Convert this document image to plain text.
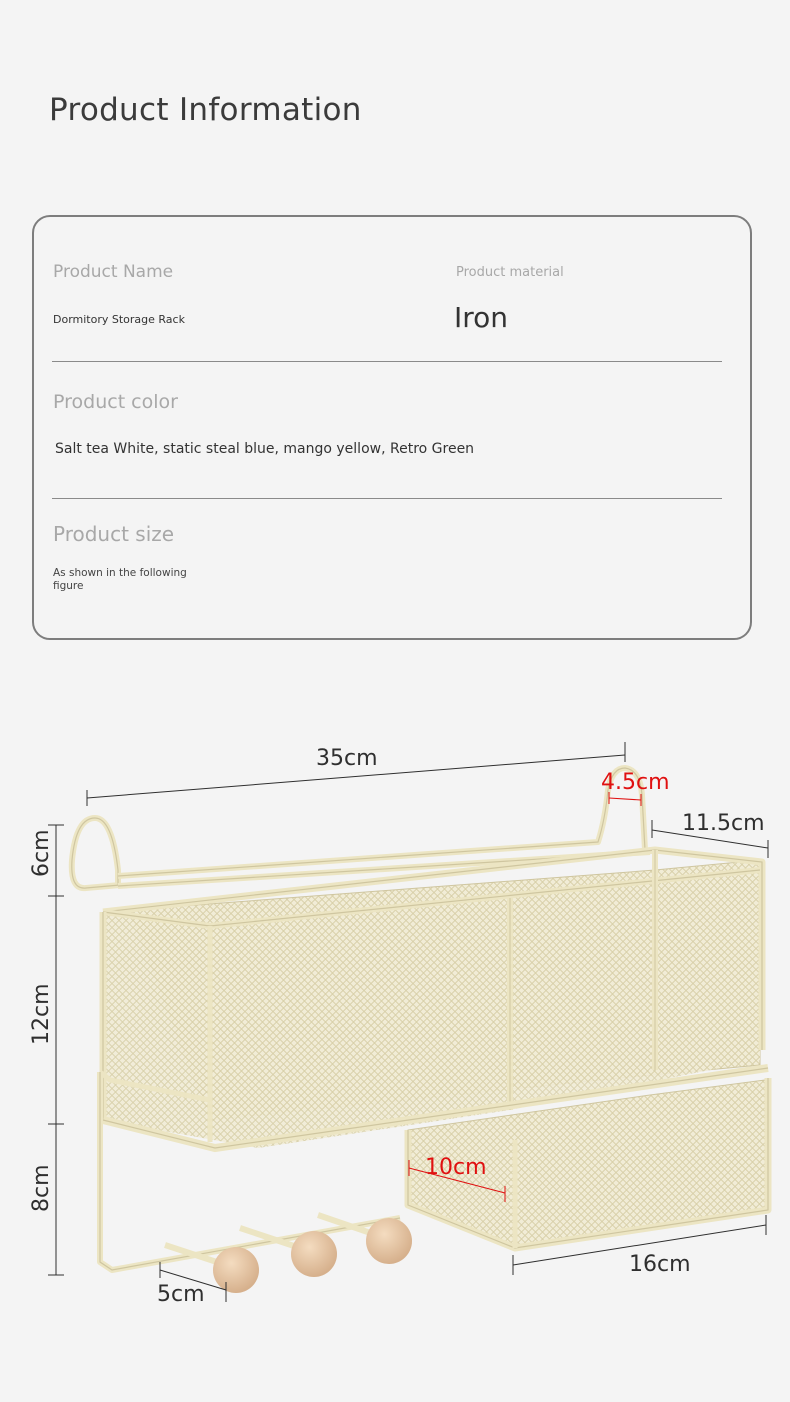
Product Information
Product Name
Dormitory Storage Rack
Product material
Iron
Product color
Salt tea White, static steal blue, mango yellow, Retro Green
Product size
As shown in the following figure
35cm
4.5cm
11.5cm
6cm
12cm
8cm
5cm
10cm
16cm
